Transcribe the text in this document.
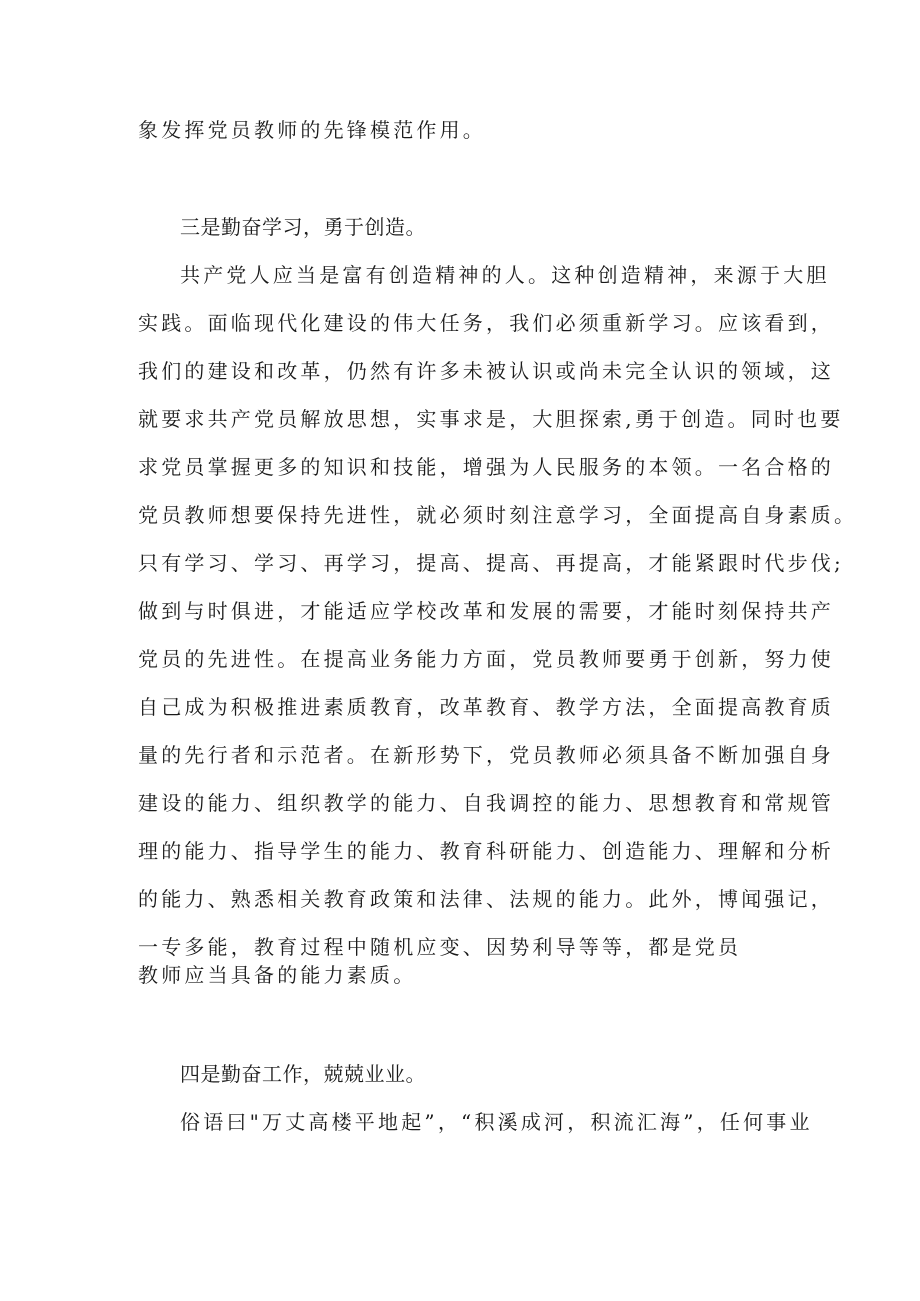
象发挥党员教师的先锋模范作用。
三是勤奋学习，勇于创造。
共产党人应当是富有创造精神的人。这种创造精神，来源于大胆
实践。面临现代化建设的伟大任务，我们必须重新学习。应该看到，
我们的建设和改革，仍然有许多未被认识或尚未完全认识的领域，这
就要求共产党员解放思想，实事求是，大胆探索,勇于创造。同时也要
求党员掌握更多的知识和技能，增强为人民服务的本领。一名合格的
党员教师想要保持先进性，就必须时刻注意学习，全面提高自身素质。
只有学习、学习、再学习，提高、提高、再提高，才能紧跟时代步伐;
做到与时俱进，才能适应学校改革和发展的需要，才能时刻保持共产
党员的先进性。在提高业务能力方面，党员教师要勇于创新，努力使
自己成为积极推进素质教育，改革教育、教学方法，全面提高教育质
量的先行者和示范者。在新形势下，党员教师必须具备不断加强自身
建设的能力、组织教学的能力、自我调控的能力、思想教育和常规管
理的能力、指导学生的能力、教育科研能力、创造能力、理解和分析
的能力、熟悉相关教育政策和法律、法规的能力。此外，博闻强记，
一专多能，教育过程中随机应变、因势利导等等，都是党员
教师应当具备的能力素质。
四是勤奋工作，兢兢业业。
俗语曰"万丈高楼平地起”，“积溪成河，积流汇海”，任何事业
